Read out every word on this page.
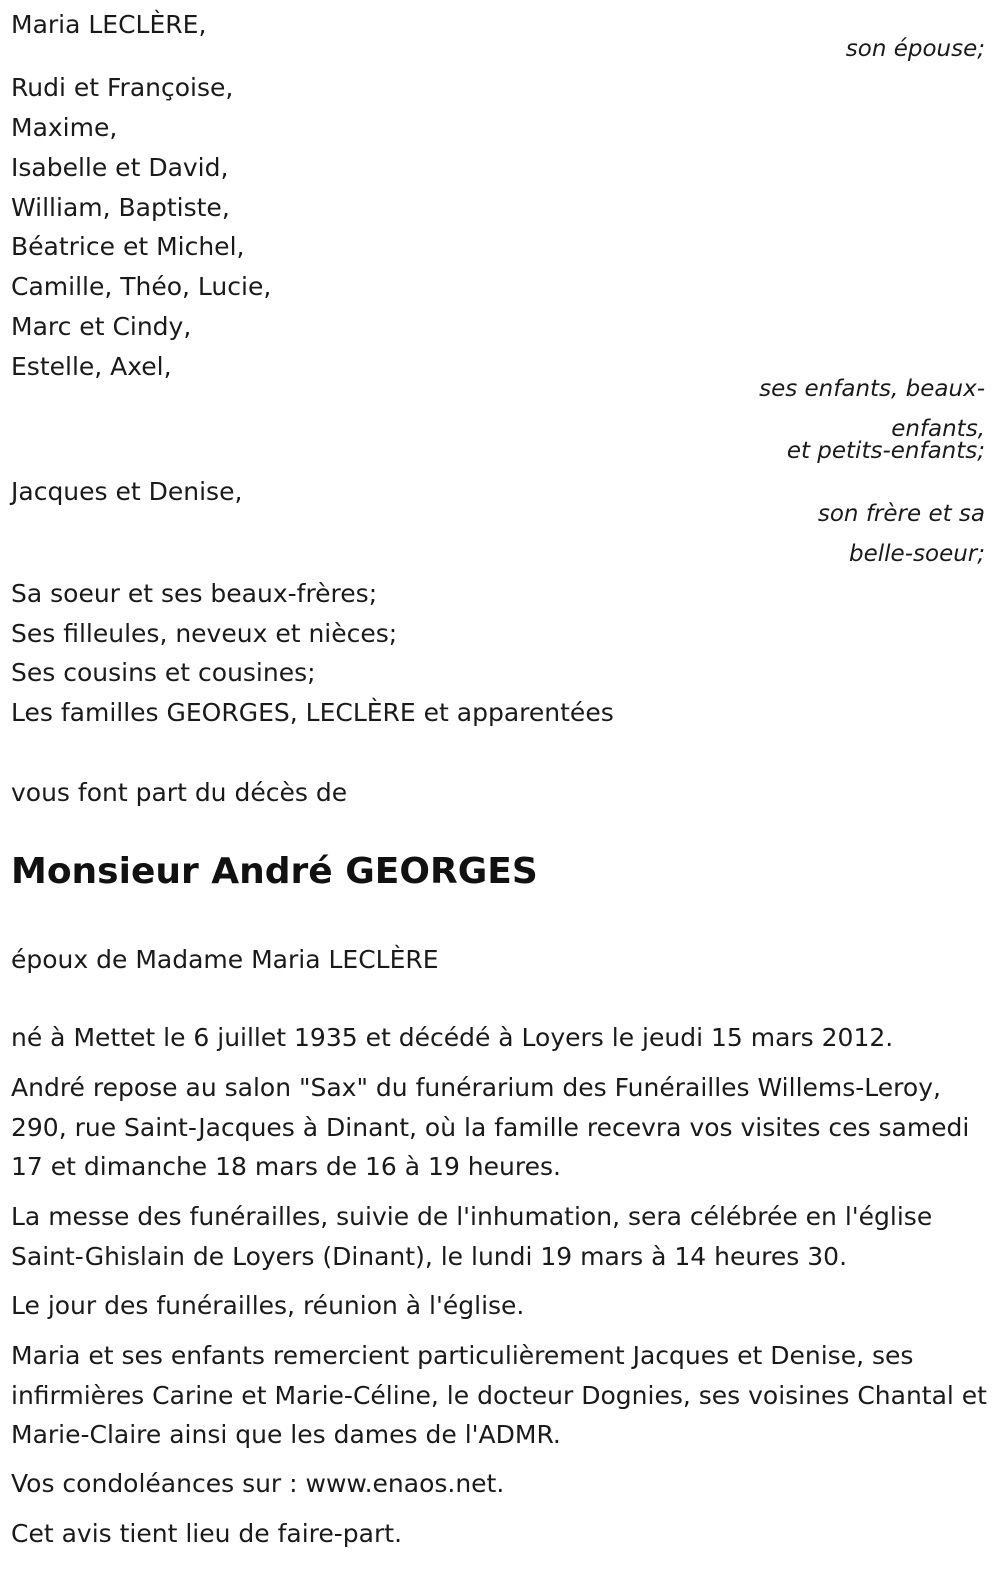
Maria LECLÈRE,
son épouse;
Rudi et Françoise,
Maxime,
Isabelle et David,
William, Baptiste,
Béatrice et Michel,
Camille, Théo, Lucie,
Marc et Cindy,
Estelle, Axel,
ses enfants, beaux-
enfants,
et petits-enfants;
Jacques et Denise,
son frère et sa
belle-soeur;
Sa soeur et ses beaux-frères;
Ses filleules, neveux et nièces;
Ses cousins et cousines;
Les familles GEORGES, LECLÈRE et apparentées
vous font part du décès de
Monsieur André GEORGES
époux de Madame Maria LECLÈRE
né à Mettet le 6 juillet 1935 et décédé à Loyers le jeudi 15 mars 2012.
André repose au salon "Sax" du funérarium des Funérailles Willems-Leroy, 290, rue Saint-Jacques à Dinant, où la famille recevra vos visites ces samedi 17 et dimanche 18 mars de 16 à 19 heures.
La messe des funérailles, suivie de l'inhumation, sera célébrée en l'église Saint-Ghislain de Loyers (Dinant), le lundi 19 mars à 14 heures 30.
Le jour des funérailles, réunion à l'église.
Maria et ses enfants remercient particulièrement Jacques et Denise, ses infirmières Carine et Marie-Céline, le docteur Dognies, ses voisines Chantal et Marie-Claire ainsi que les dames de l'ADMR.
Vos condoléances sur : www.enaos.net.
Cet avis tient lieu de faire-part.
